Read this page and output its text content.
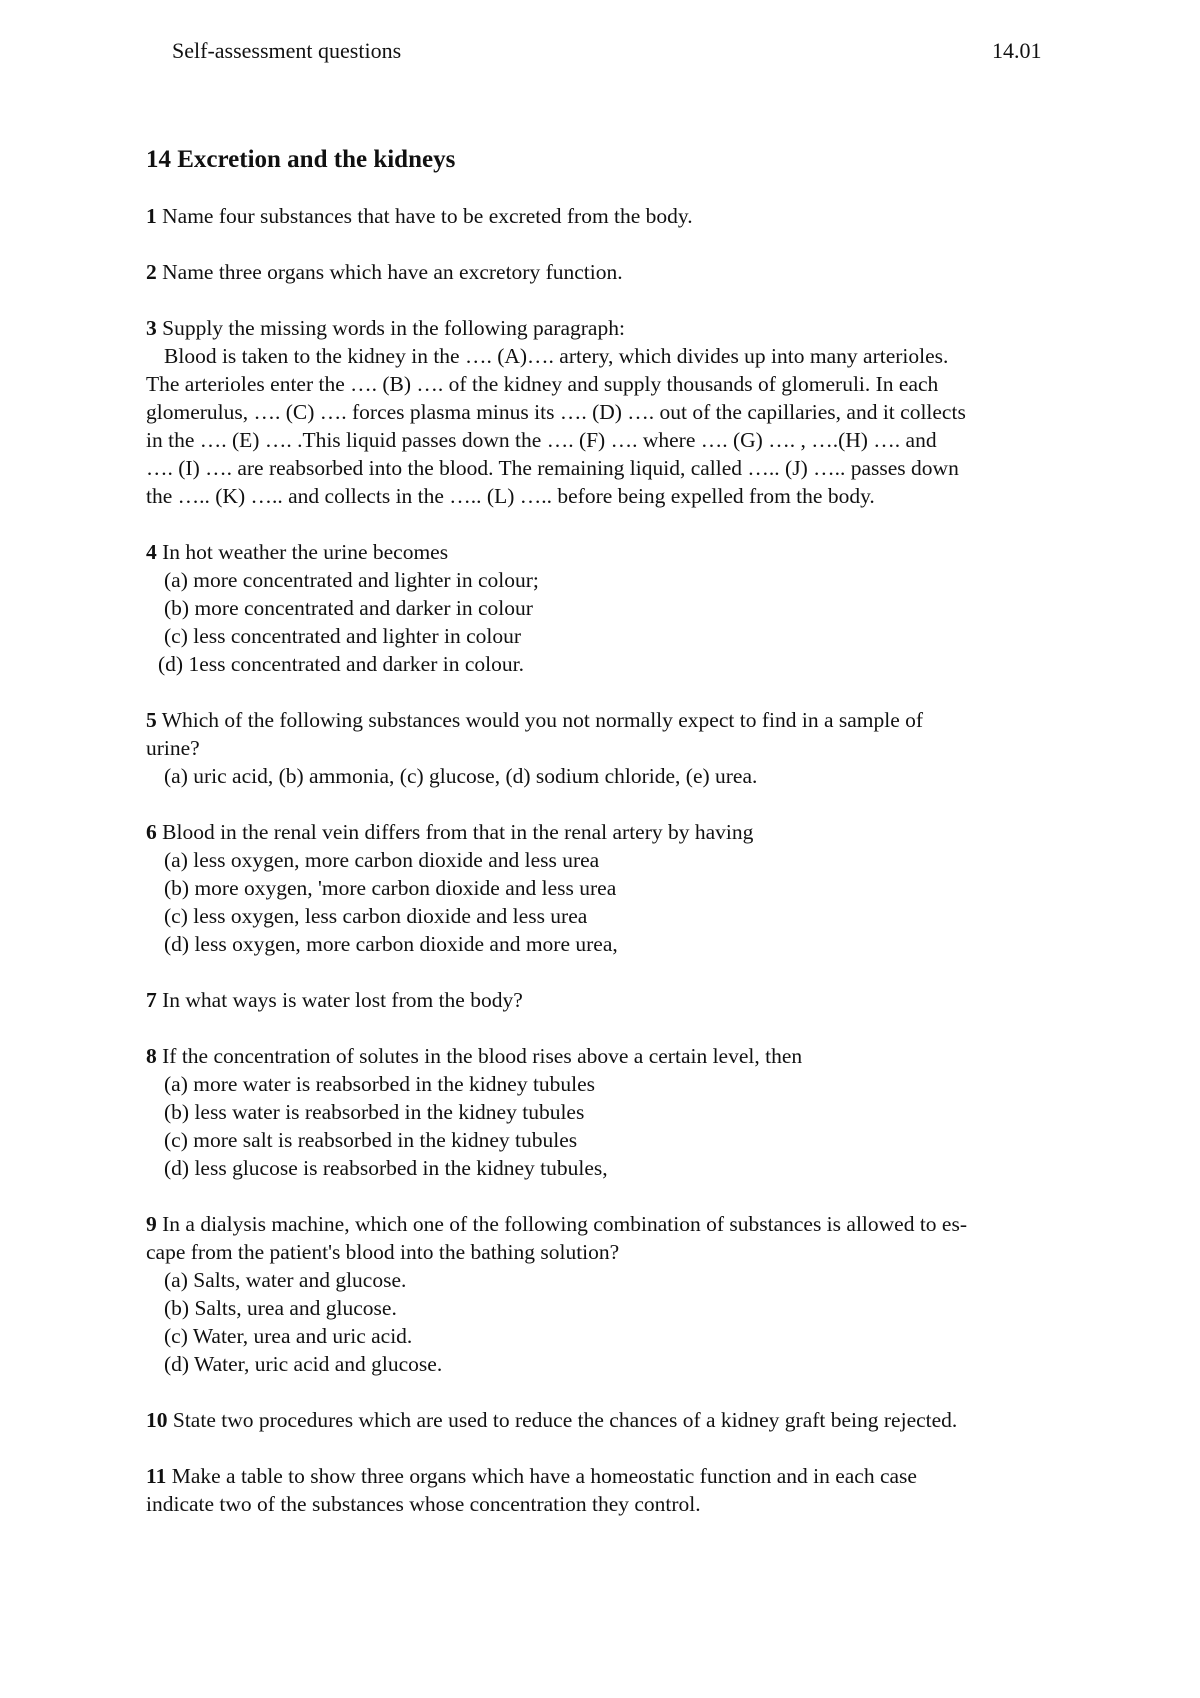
Self-assessment questions	14.01
14 Excretion and the kidneys
1 Name four substances that have to be excreted from the body.
2 Name three organs which have an excretory function.
3 Supply the missing words in the following paragraph:
Blood is taken to the kidney in the …. (A)…. artery, which divides up into many arterioles.
The arterioles enter the …. (B) …. of the kidney and supply thousands of glomeruli. In each
glomerulus, …. (C) …. forces plasma minus its …. (D) …. out of the capillaries, and it collects
in the …. (E) …. .This liquid passes down the …. (F) …. where …. (G) …. , ….(H) …. and
…. (I) …. are reabsorbed into the blood. The remaining liquid, called ….. (J) ….. passes down
the ….. (K) ….. and collects in the ….. (L) ….. before being expelled from the body.
4 In hot weather the urine becomes
(a) more concentrated and lighter in colour;
(b) more concentrated and darker in colour
(c) less concentrated and lighter in colour
(d) 1ess concentrated and darker in colour.
5 Which of the following substances would you not normally expect to find in a sample of
urine?
(a) uric acid, (b) ammonia, (c) glucose, (d) sodium chloride, (e) urea.
6 Blood in the renal vein differs from that in the renal artery by having
(a) less oxygen, more carbon dioxide and less urea
(b) more oxygen, 'more carbon dioxide and less urea
(c) less oxygen, less carbon dioxide and less urea
(d) less oxygen, more carbon dioxide and more urea,
7 In what ways is water lost from the body?
8 If the concentration of solutes in the blood rises above a certain level, then
(a) more water is reabsorbed in the kidney tubules
(b) less water is reabsorbed in the kidney tubules
(c) more salt is reabsorbed in the kidney tubules
(d) less glucose is reabsorbed in the kidney tubules,
9 In a dialysis machine, which one of the following combination of substances is allowed to es-
cape from the patient's blood into the bathing solution?
(a) Salts, water and glucose.
(b) Salts, urea and glucose.
(c) Water, urea and uric acid.
(d) Water, uric acid and glucose.
10 State two procedures which are used to reduce the chances of a kidney graft being rejected.
11 Make a table to show three organs which have a homeostatic function and in each case
indicate two of the substances whose concentration they control.
